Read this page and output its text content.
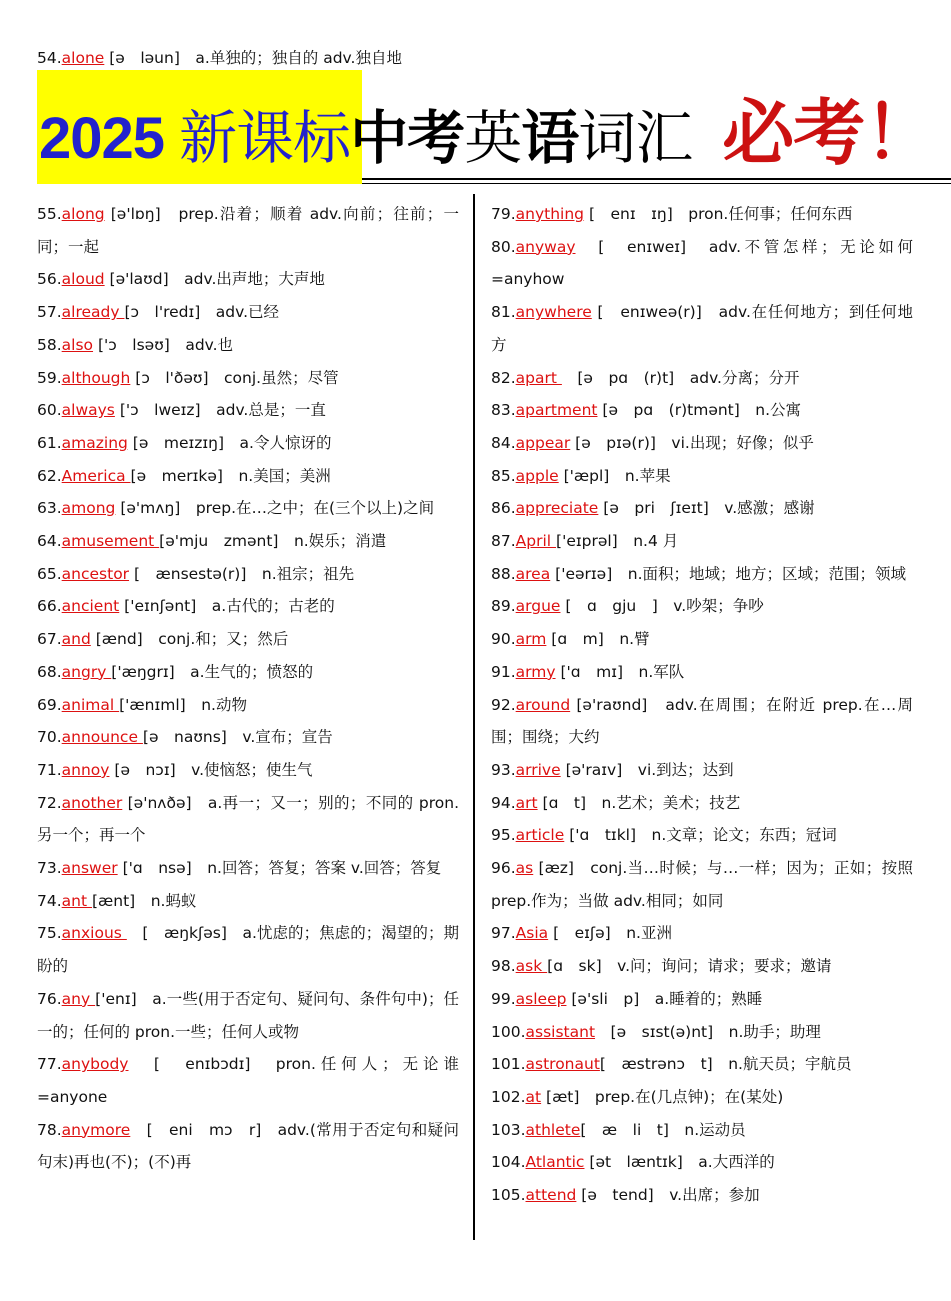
54.alone [ə　ləun]　a.单独的；独自的 adv.独自地
2025 新课标中考英语词汇 必考！
55.along [ə'lɒŋ]　prep.沿着；顺着 adv.向前；往前；一同；一起
56.aloud [ə'laʊd]　adv.出声地；大声地
57.already [ɔ　l'redɪ]　adv.已经
58.also ['ɔ　lsəʊ]　adv.也
59.although [ɔ　l'ðəʊ]　conj.虽然；尽管
60.always ['ɔ　lweɪz]　adv.总是；一直
61.amazing [ə　meɪzɪŋ]　a.令人惊讶的
62.America [ə　merɪkə]　n.美国；美洲
63.among [ə'mʌŋ]　prep.在…之中；在(三个以上)之间
64.amusement [ə'mju　zmənt]　n.娱乐；消遣
65.ancestor [　ænsestə(r)]　n.祖宗；祖先
66.ancient ['eɪnʃənt]　a.古代的；古老的
67.and [ænd]　conj.和；又；然后
68.angry ['æŋgrɪ]　a.生气的；愤怒的
69.animal ['ænɪml]　n.动物
70.announce [ə　naʊns]　v.宣布；宣告
71.annoy [ə　nɔɪ]　v.使恼怒；使生气
72.another [ə'nʌðə]　a.再一；又一；别的；不同的 pron.另一个；再一个
73.answer ['ɑ　nsə]　n.回答；答复；答案 v.回答；答复
74.ant [ænt]　n.蚂蚁
75.anxious 　[　æŋkʃəs]　a.忧虑的；焦虑的；渴望的；期盼的
76.any ['enɪ]　a.一些(用于否定句、疑问句、条件句中)；任一的；任何的 pron.一些；任何人或物
77.anybody　[　enɪbɔdɪ]　pron.任何人；无论谁 =anyone
78.anymore　[　eni　mɔ　r]　adv.(常用于否定句和疑问句末)再也(不)；(不)再
79.anything [　enɪ　ɪŋ]　pron.任何事；任何东西
80.anyway　[　enɪweɪ]　adv.不管怎样；无论如何 =anyhow
81.anywhere [　enɪweə(r)]　adv.在任何地方；到任何地方
82.apart 　[ə　pɑ　(r)t]　adv.分离；分开
83.apartment [ə　pɑ　(r)tmənt]　n.公寓
84.appear [ə　pɪə(r)]　vi.出现；好像；似乎
85.apple ['æpl]　n.苹果
86.appreciate [ə　pri　ʃɪeɪt]　v.感激；感谢
87.April ['eɪprəl]　n.4 月
88.area ['eərɪə]　n.面积；地域；地方；区域；范围；领域
89.argue [　ɑ　gju　]　v.吵架；争吵
90.arm [ɑ　m]　n.臂
91.army ['ɑ　mɪ]　n.军队
92.around [ə'raʊnd]　adv.在周围；在附近 prep.在…周围；围绕；大约
93.arrive [ə'raɪv]　vi.到达；达到
94.art [ɑ　t]　n.艺术；美术；技艺
95.article ['ɑ　tɪkl]　n.文章；论文；东西；冠词
96.as [æz]　conj.当…时候；与…一样；因为；正如；按照 prep.作为；当做 adv.相同；如同
97.Asia [　eɪʃə]　n.亚洲
98.ask [ɑ　sk]　v.问；询问；请求；要求；邀请
99.asleep [ə'sli　p]　a.睡着的；熟睡
100.assistant　[ə　sɪst(ə)nt]　n.助手；助理
101.astronaut[　æstrənɔ　t]　n.航天员；宇航员
102.at [æt]　prep.在(几点钟)；在(某处)
103.athlete[　æ　li　t]　n.运动员
104.Atlantic [ət　læntɪk]　a.大西洋的
105.attend [ə　tend]　v.出席；参加
